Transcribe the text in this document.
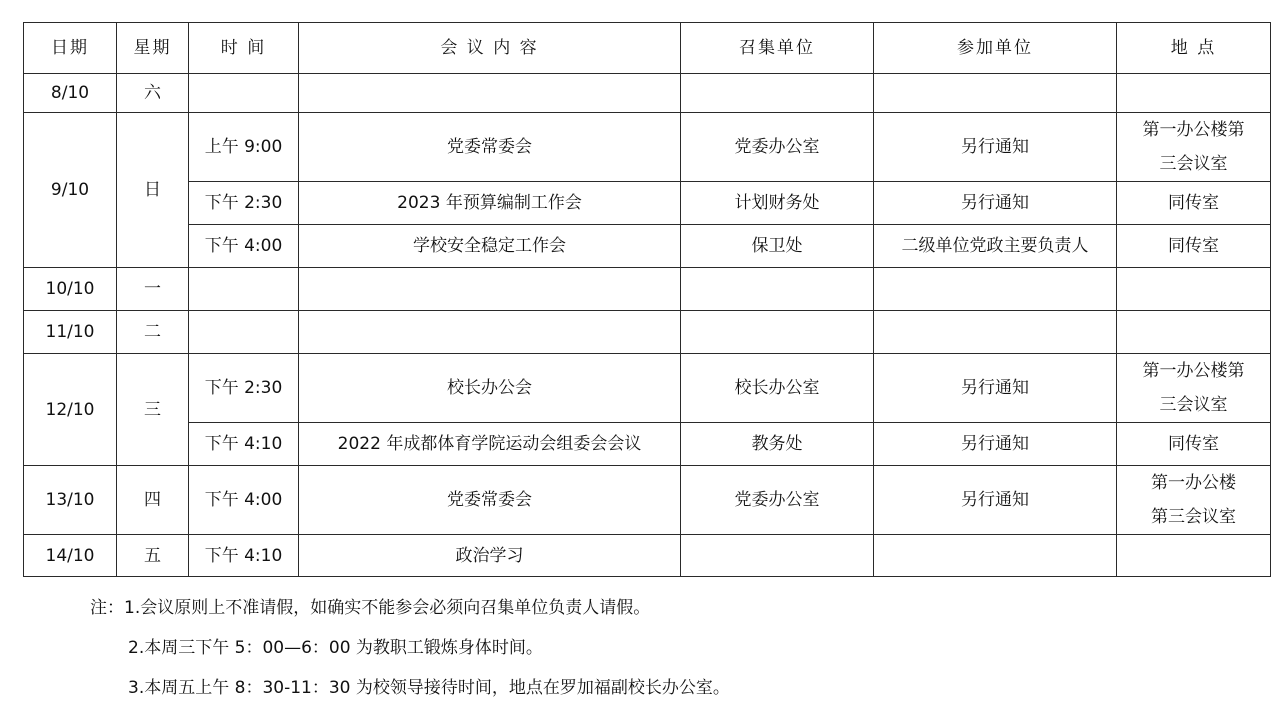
日期	星期	时 间	会 议 内 容	召集单位	参加单位	地 点
8/10	六					
9/10	日	上午 9:00	党委常委会	党委办公室	另行通知	第一办公楼第
三会议室

		下午 2:30	2023 年预算编制工作会	计划财务处	另行通知	同传室
		下午 4:00	学校安全稳定工作会	保卫处	二级单位党政主要负责人	同传室
10/10	一					
11/10	二					
12/10	三	下午 2:30	校长办公会	校长办公室	另行通知	第一办公楼第
三会议室

		下午 4:10	2022 年成都体育学院运动会组委会会议	教务处	另行通知	同传室
13/10	四	下午 4:00	党委常委会	党委办公室	另行通知	第一办公楼
第三会议室

14/10	五	下午 4:10	政治学习			
注：1.会议原则上不准请假，如确实不能参会必须向召集单位负责人请假。
2.本周三下午 5：00—6：00 为教职工锻炼身体时间。
3.本周五上午 8：30-11：30 为校领导接待时间，地点在罗加福副校长办公室。
